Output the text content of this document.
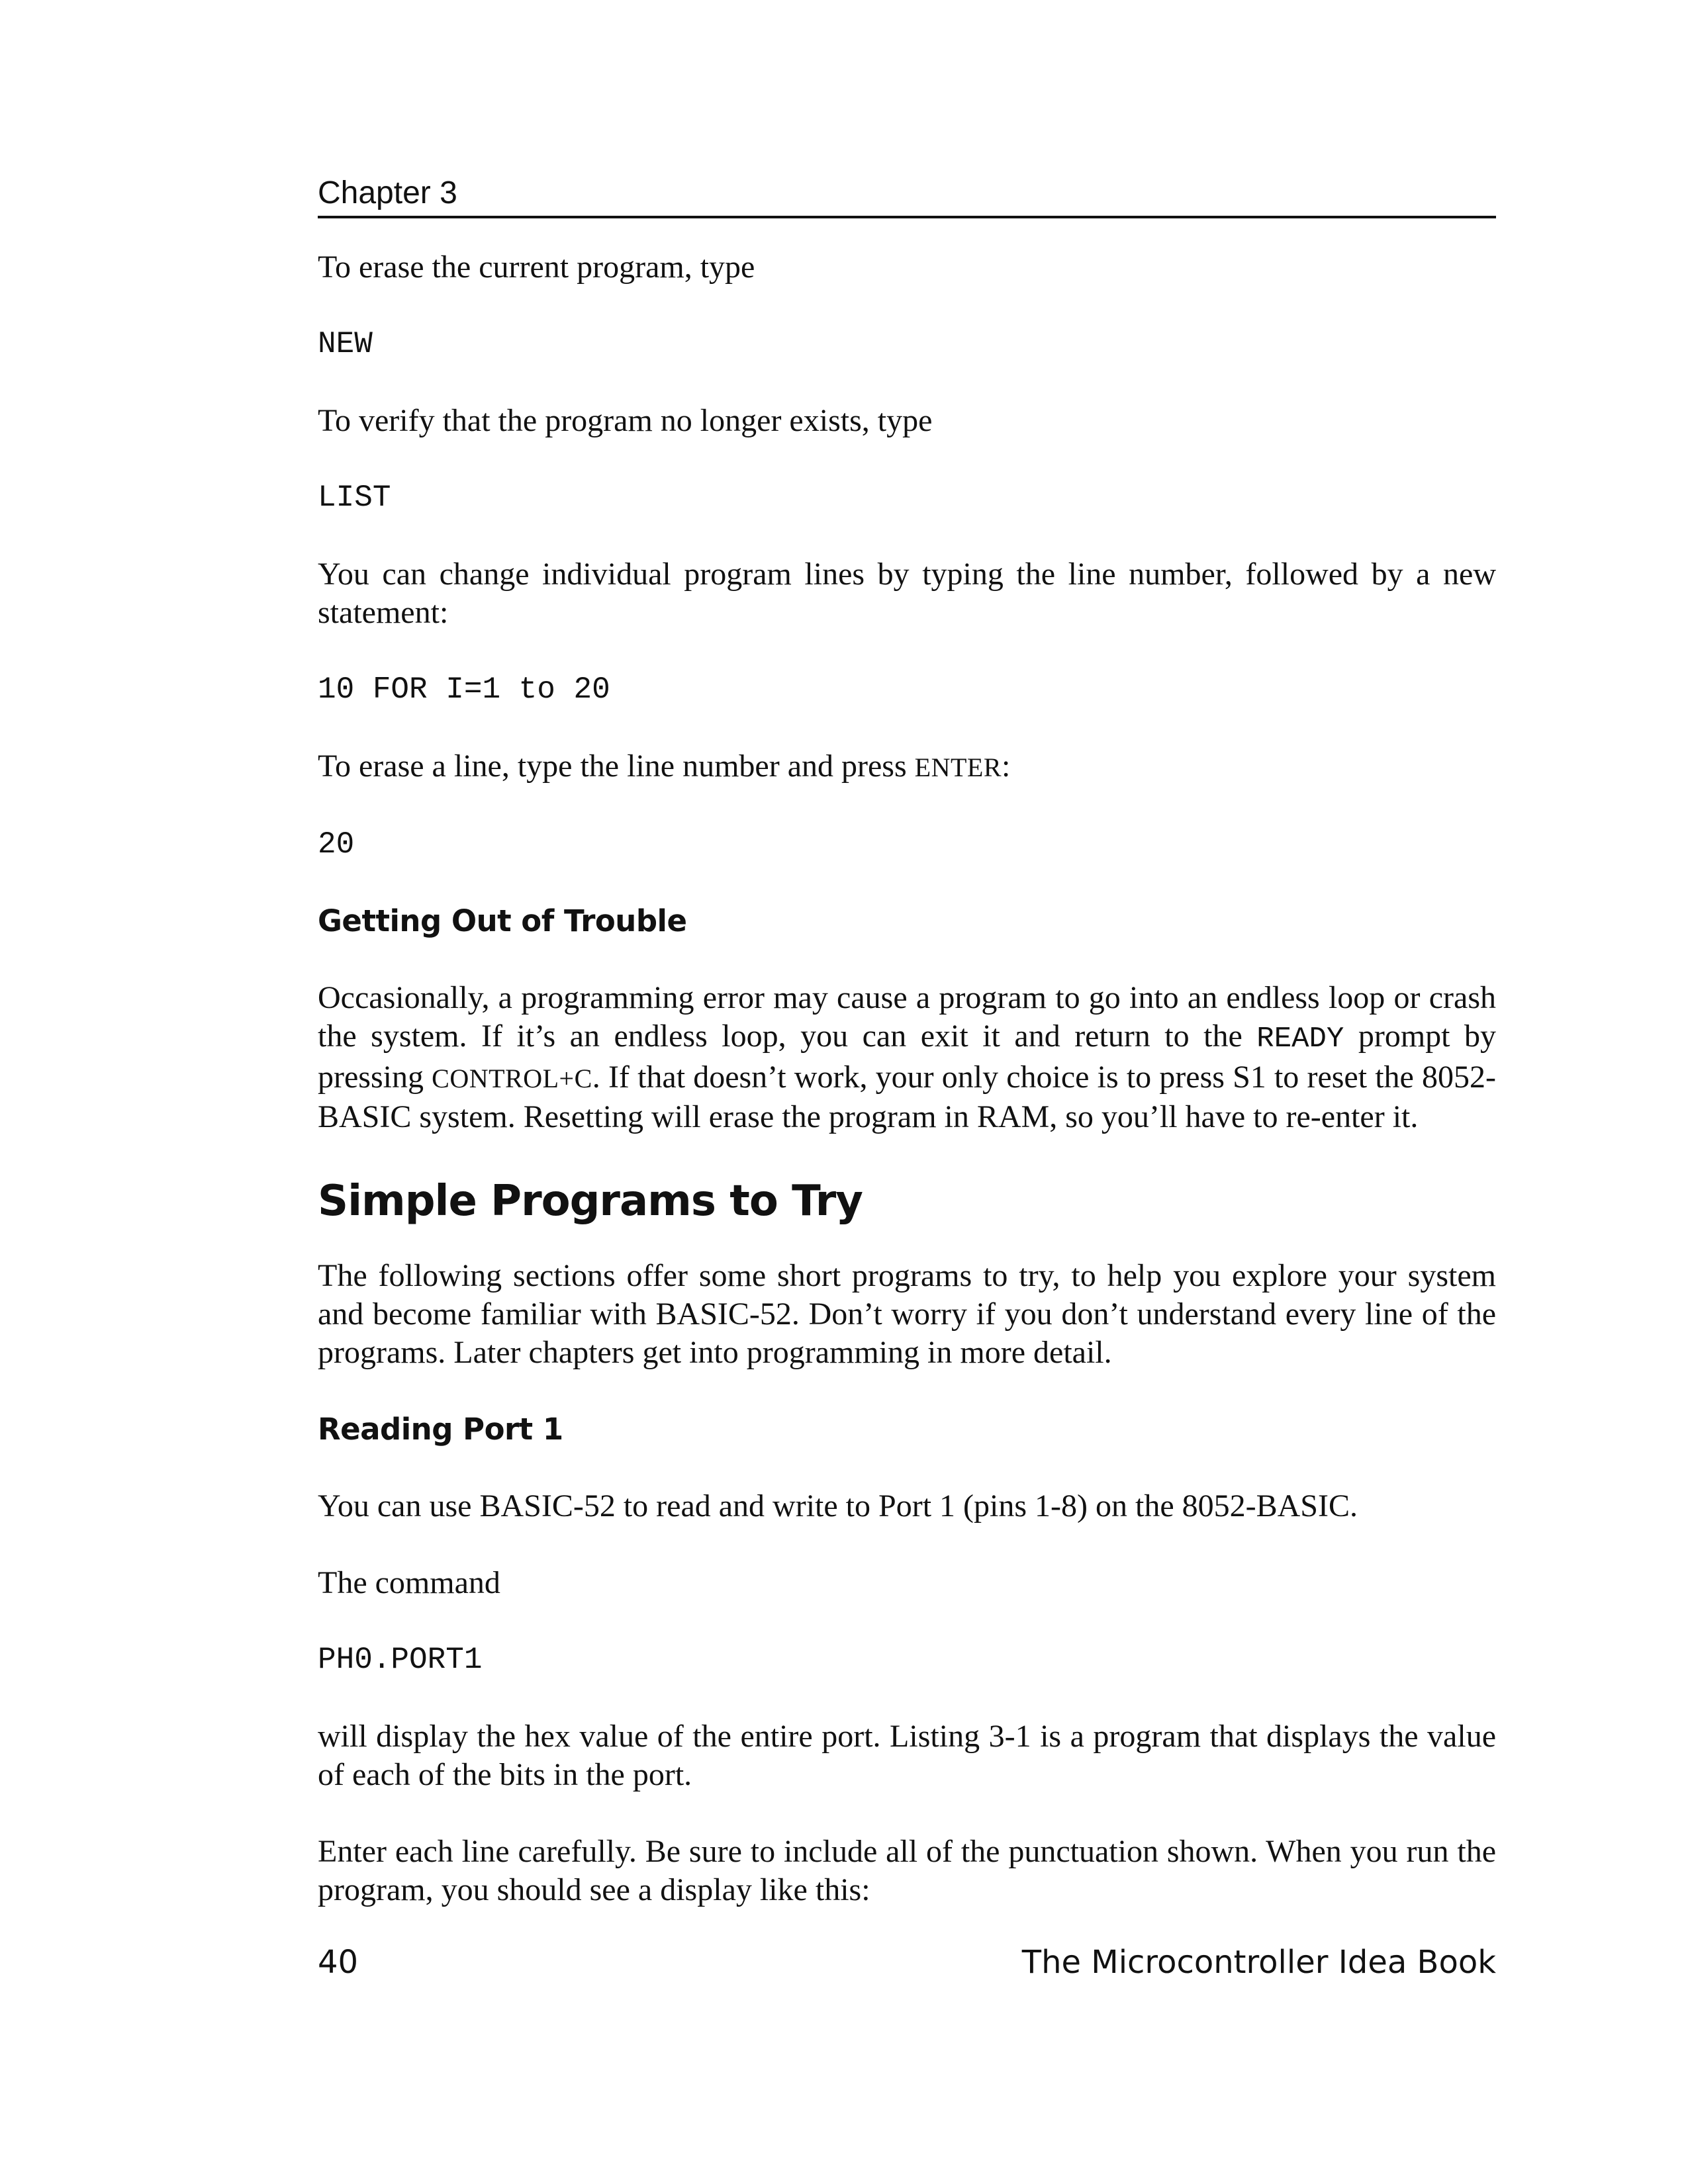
Chapter 3

To erase the current program, type

NEW

To verify that the program no longer exists, type

LIST

You can change individual program lines by typing the line number, followed by a new statement:

10 FOR I=1 to 20

To erase a line, type the line number and press ENTER:

20
Getting Out of Trouble

Occasionally, a programming error may cause a program to go into an endless loop or crash the system. If it’s an endless loop, you can exit it and return to the READY prompt by pressing CONTROL+C. If that doesn’t work, your only choice is to press S1 to reset the 8052-BASIC system. Resetting will erase the program in RAM, so you’ll have to re-enter it.

Simple Programs to Try

The following sections offer some short programs to try, to help you explore your system and become familiar with BASIC-52. Don’t worry if you don’t understand every line of the programs. Later chapters get into programming in more detail.

Reading Port 1

You can use BASIC-52 to read and write to Port 1 (pins 1-8) on the 8052-BASIC.

The command

PH0.PORT1

will display the hex value of the entire port. Listing 3-1 is a program that displays the value of each of the bits in the port.

Enter each line carefully. Be sure to include all of the punctuation shown. When you run the program, you should see a display like this:

40	The Microcontroller Idea Book
